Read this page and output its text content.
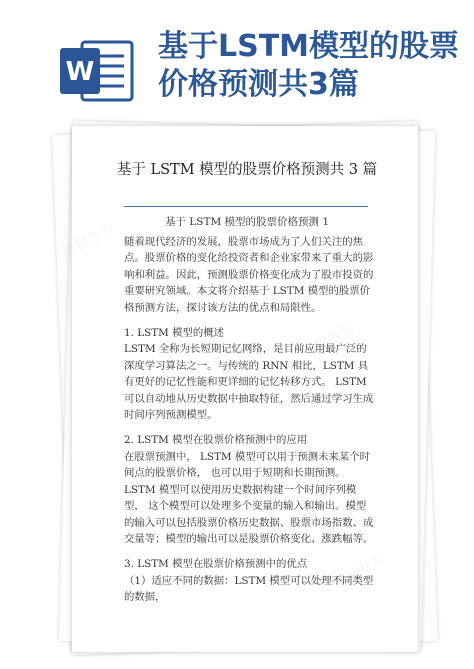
W
基于LSTM模型的股票价格预测共3篇
基于 LSTM 模型的股票价格预测共 3 篇
基于 LSTM 模型的股票价格预测 1

随着现代经济的发展，股票市场成为了人们关注的焦点。股票价格的变化给投资者和企业家带来了重大的影响和利益。因此，预测股票价格变化成为了股市投资的重要研究领域。本文将介绍基于 LSTM 模型的股票价格预测方法，探讨该方法的优点和局限性。

1. LSTM 模型的概述

LSTM 全称为长短期记忆网络，是目前应用最广泛的深度学习算法之一。与传统的 RNN 相比，LSTM 具有更好的记忆性能和更详细的记忆转移方式。 LSTM 可以自动地从历史数据中抽取特征，然后通过学习生成时间序列预测模型。

2. LSTM 模型在股票价格预测中的应用

在股票预测中， LSTM 模型可以用于预测未来某个时间点的股票价格， 也可以用于短期和长期预测。LSTM 模型可以使用历史数据构建一个时间序列模型， 这个模型可以处理多个变量的输入和输出。模型的输入可以包括股票价格历史数据、股票市场指数、成交量等；模型的输出可以是股票价格变化、涨跌幅等。

3. LSTM 模型在股票价格预测中的优点

（1）适应不同的数据：LSTM 模型可以处理不同类型的数据，
